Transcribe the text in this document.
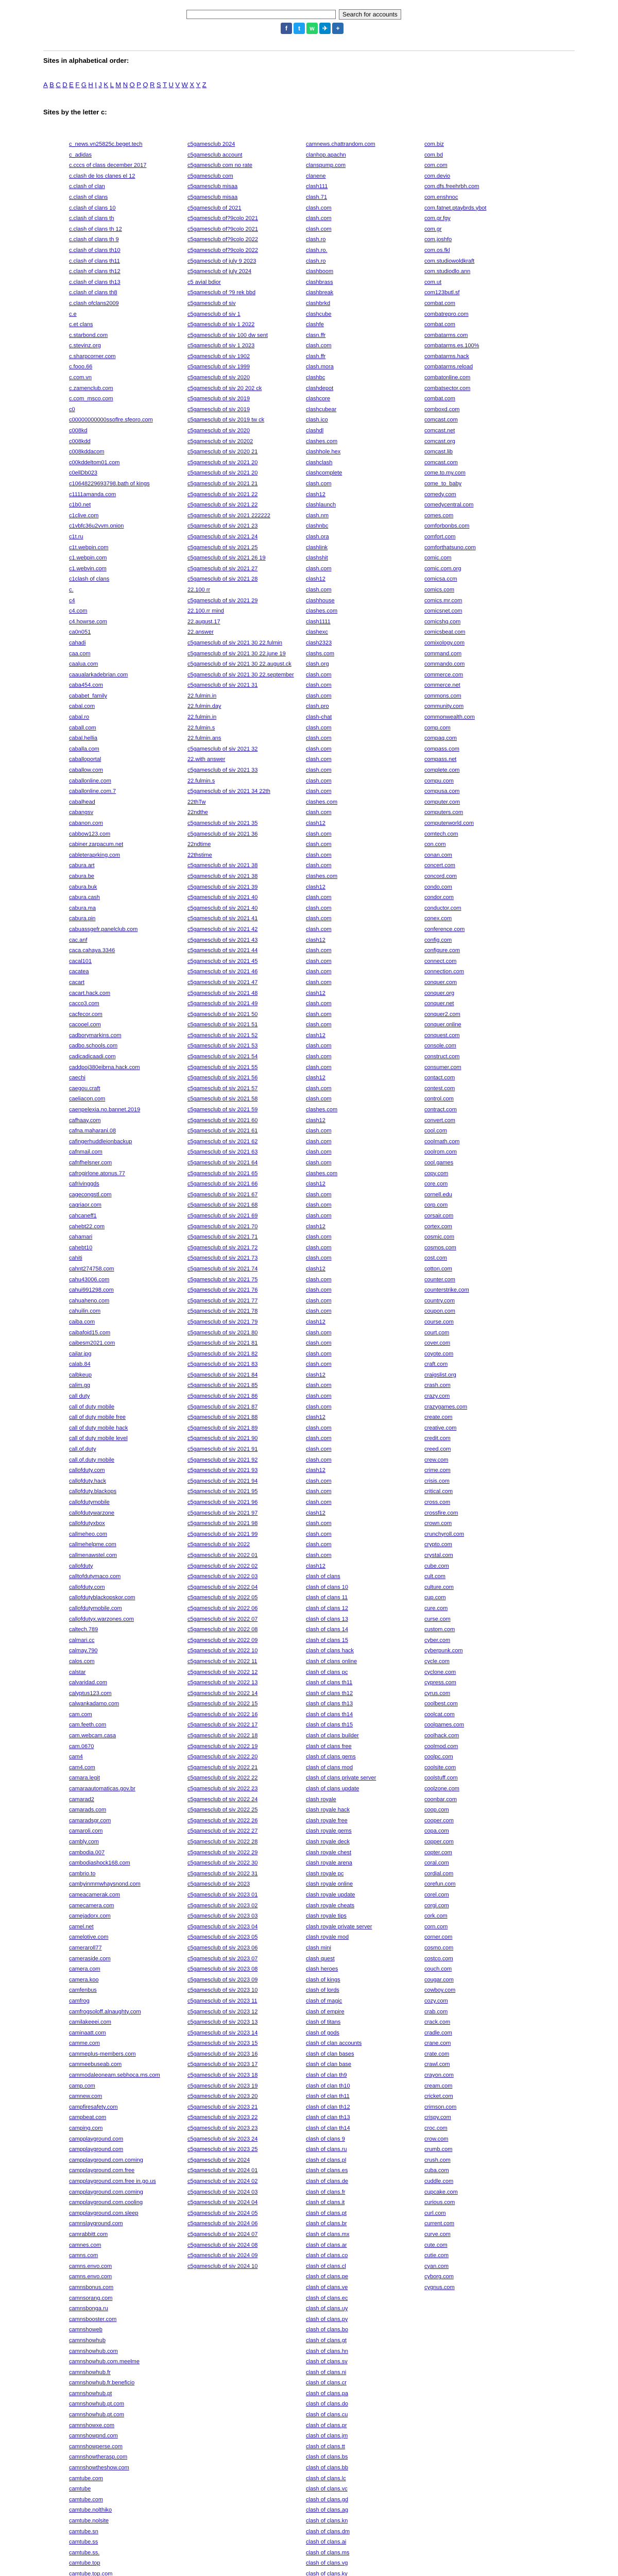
Search for accounts
f	t	w	✈	+
Sites in alphabetical order:
A B C D E F G H I J K L M N O P Q R S T U V W X Y Z
Sites by the letter c:
• c_news.vn25825c.beget.tech
• c_adidas
• c.cccs of class december 2017
• c.clash de los clanes el 12
• c.clash of clan
• c.clash of clans
• c.clash of clans 10
• c.clash of clans th
• c.clash of clans th 12
• c.clash of clans th 9
• c.clash of clans th10
• c.clash of clans th11
• c.clash of clans th12
• c.clash of clans th13
• c.clash of clans th8
• c.clash ofclans2009
• c.e
• c.et clans
• c.starbond.com
• c.stevinz.org
• c.sharpcorner.com
• c.fooo.66
• c.com.vn
• c.zamenclub.com
• c.com_msco.com
• c0
• c00000000000ssoflre.sfeoro.com
• c008kd
• c008kdd
• c008kddacom
• c00kddeltom01.com
• c0ellDb023
• c10648229693798.bath of kings
• c1111amanda.com
• c1b0.net
• c1clive.com
• c1vbfc36u2vvm.onion
• c1t.ru
• c1t.webpin.com
• c1.webpin.com
• c1.webvin.com
• c1clash of clans
• c.
• c4
• c4.com
• c4.howrse.com
• ca0n051
• cahadi
• caa.com
• caalua.com
• caaualarkadebrian.com
• caba454.com
• cababet_family
• cabal.com
• cabal.ro
• caball.com
• cabal.hellia
• caballa.com
• caballoportal
• caballow.com
• caballonline.com
• caballonline.com.7
• cabalhead
• cabangsv
• cabanon.com
• cabbow123.com
• cabiner.zarpacum.net
• cableteraprking.com
• cabura.art
• cabura.be
• cabura.buk
• cabura.cash
• cabura.ma
• cabura.pin
• cabuassgefr.panelclub.com
• cac.anf
• caca.cahaya.3346
• cacal101
• cacatea
• cacart
• cacart.hack.com
• cacco3.com
• cacfecor.com
• cacooel.com
• cadborymarkins.com
• cadbo.schools.com
• cadicadicaadi.com
• caddpoj380eibrna.hack.com
• caechi
• caegou.craft
• caeliacon.com
• caenpelexia.no.bannet.2019
• cafhaay.com
• cafna.maharani.08
• cafingerhuddleionbackup
• cafnmail.com
• cafnfhelsner.com
• cafrogirlone.atonus.77
• cafrivinggds
• cagecongstl.com
• cagriaor.com
• cahcaneff1
• cahebt22.com
• cahamari
• cahebt10
• cahiti
• cahnt274758.com
• cahu43006.com
• cahui991298.com
• cahuaheno.com
• cahuilin.com
• caiba.com
• caibafoid15.com
• caibesm2021.com
• cailar.jpg
• calab.84
• calbkeup
• calim.gg
• call duty
• call of duty mobile
• call of duty mobile free
• call of duty mobile hack
• call of duty mobile level
• call.of.duty
• call.of.duty mobile
• callofduty.com
• callofduty.hack
• callofduty.blackops
• callofdutymobile
• callofdutywarzone
• callofdutyxbox
• callmeheo.com
• callmehelpme.com
• callmenawstel.com
• callofduty
• calltofdutymaco.com
• callofduty.com
• callofdutyblackopskor.com
• callofdutymobile.com
• callofdutyx.warzones.com
• caltech.789
• calmari.cc
• calmay.790
• calos.com
• calstar
• calvaridad.com
• calyptus123.com
• calwankadamo.com
• cam.com
• cam.feeth.com
• cam.webcam.casa
• cam.0670
• cam4
• cam4.com
• camara.legit
• camaraautomaticas.gov.br
• camarad2
• camarads.com
• camaradsgr.com
• camaroli.com
• cambly.com
• cambodia.007
• cambodiashock168.com
• cambrio.to
• cambyinmmwhaysnond.com
• cameacamerak.com
• camecamera.com
• camejadorx.com
• camel.net
• camelotive.com
• cameraroll77
• cameraside.com
• camera.com
• camera.koo
• camfenbus
• camfrog
• camfrogsoloff.alnaughty.com
• camilakeeei.com
• caminaatt.com
• camme.com
• cammeplus-members.com
• cammeebuseab.com
• cammodaleoneam.sebhoca.ms.com
• camp.com
• camnew.com
• campfiresafety.com
• campbeat.com
• camping.com
• campplayground.com
• campplayground.com
• campplayground.com.coming
• campplayground.com.free
• campplayground.com.free in.go.us
• campplayground.com.coming
• campplayground.com.cooling
• campplayground.com.sleep
• camnslayground.com
• camrabbitt.com
• camnes.com
• camns.com
• camns.envo.com
• camns.envo.com
• camnsbonus.com
• camnsorang.com
• camnsbonga.ru
• camnsbooster.com
• camnshoweb
• camnshowhub
• camnshowhub.com
• camnshowhub.com.meelme
• camnshowhub.fr
• camnshowhub.fr.beneficio
• camnshowhub.pt
• camnshowhub.pt.com
• camnshowhub.pt.com
• camnshowxe.com
• camnshowpnd.com
• camnshowperse.com
• camnshowtherasp.com
• camnshowtheshow.com
• camtube.com
• camtube
• camtube.com
• camtube.nolthiko
• camtube.nolsite
• camtube.sn
• camtube.ss
• camtube.ss.
• camtube.top
• camtube.top.com
• c5gamesclub 2024
• c5gamesclub account
• c5gamesclub com no rate
• c5gamesclub com
• c5gamesclub misaa
• c5gamesclub misaa
• c5gamesclub of 2021
• c5gamesclub of?9colo 2021
• c5gamesclub of?9colo 2021
• c5gamesclub of?9colo 2022
• c5gamesclub of?9colo 2022
• c5gamesclub of july 9 2023
• c5gamesclub of july 2024
• c5 avial bdior
• c5gamesclub of ?9 rek bbd
• c5gamesclub of siv
• c5gamesclub of siv 1
• c5gamesclub of siv 1 2022
• c5gamesclub of siv 100 dw sent
• c5gamesclub of siv 1 2023
• c5gamesclub of siv 1902
• c5gamesclub of siv 1999
• c5gamesclub of siv 2020
• c5gamesclub of siv 20 202 ck
• c5gamesclub of siv 2019
• c5gamesclub of siv 2019
• c5gamesclub of siv 2019 tw ck
• c5gamesclub of siv 2020
• c5gamesclub of siv 20202
• c5gamesclub of siv 2020 21
• c5gamesclub of siv 2021 20
• c5gamesclub of siv 2021 20
• c5gamesclub of siv 2021 21
• c5gamesclub of siv 2021 22
• c5gamesclub of siv 2021 22
• c5gamesclub of siv 2021 222222
• c5gamesclub of siv 2021 23
• c5gamesclub of siv 2021 24
• c5gamesclub of siv 2021 25
• c5gamesclub of siv 2021 26 19
• c5gamesclub of siv 2021 27
• c5gamesclub of siv 2021 28
• 22.100 rr
• c5gamesclub of siv 2021 29
• 22.100.rr mind
• 22.august.17
• 22.answer
• c5gamesclub of siv 2021 30 22.fulmin
• c5gamesclub of siv 2021 30 22.june 19
• c5gamesclub of siv 2021 30 22.august.ck
• c5gamesclub of siv 2021 30 22.september
• c5gamesclub of siv 2021 31
• 22.fulmin.in
• 22.fulmin.day
• 22.fulmin.in
• 22.fulmin.s
• 22.fulmin.ans
• c5gamesclub of siv 2021 32
• 22.with answer
• c5gamesclub of siv 2021 33
• 22.fulmin.s
• c5gamesclub of siv 2021 34 22th
• 22thTw
• 22ndthe
• c5gamesclub of siv 2021 35
• c5gamesclub of siv 2021 36
• 22ndtime
• 22thstime
• c5gamesclub of siv 2021 38
• c5gamesclub of siv 2021 38
• c5gamesclub of siv 2021 39
• c5gamesclub of siv 2021 40
• c5gamesclub of siv 2021 40
• c5gamesclub of siv 2021 41
• c5gamesclub of siv 2021 42
• c5gamesclub of siv 2021 43
• c5gamesclub of siv 2021 44
• c5gamesclub of siv 2021 45
• c5gamesclub of siv 2021 46
• c5gamesclub of siv 2021 47
• c5gamesclub of siv 2021 48
• c5gamesclub of siv 2021 49
• c5gamesclub of siv 2021 50
• c5gamesclub of siv 2021 51
• c5gamesclub of siv 2021 52
• c5gamesclub of siv 2021 53
• c5gamesclub of siv 2021 54
• c5gamesclub of siv 2021 55
• c5gamesclub of siv 2021 56
• c5gamesclub of siv 2021 57
• c5gamesclub of siv 2021 58
• c5gamesclub of siv 2021 59
• c5gamesclub of siv 2021 60
• c5gamesclub of siv 2021 61
• c5gamesclub of siv 2021 62
• c5gamesclub of siv 2021 63
• c5gamesclub of siv 2021 64
• c5gamesclub of siv 2021 65
• c5gamesclub of siv 2021 66
• c5gamesclub of siv 2021 67
• c5gamesclub of siv 2021 68
• c5gamesclub of siv 2021 69
• c5gamesclub of siv 2021 70
• c5gamesclub of siv 2021 71
• c5gamesclub of siv 2021 72
• c5gamesclub of siv 2021 73
• c5gamesclub of siv 2021 74
• c5gamesclub of siv 2021 75
• c5gamesclub of siv 2021 76
• c5gamesclub of siv 2021 77
• c5gamesclub of siv 2021 78
• c5gamesclub of siv 2021 79
• c5gamesclub of siv 2021 80
• c5gamesclub of siv 2021 81
• c5gamesclub of siv 2021 82
• c5gamesclub of siv 2021 83
• c5gamesclub of siv 2021 84
• c5gamesclub of siv 2021 85
• c5gamesclub of siv 2021 86
• c5gamesclub of siv 2021 87
• c5gamesclub of siv 2021 88
• c5gamesclub of siv 2021 89
• c5gamesclub of siv 2021 90
• c5gamesclub of siv 2021 91
• c5gamesclub of siv 2021 92
• c5gamesclub of siv 2021 93
• c5gamesclub of siv 2021 94
• c5gamesclub of siv 2021 95
• c5gamesclub of siv 2021 96
• c5gamesclub of siv 2021 97
• c5gamesclub of siv 2021 98
• c5gamesclub of siv 2021 99
• c5gamesclub of siv 2022
• c5gamesclub of siv 2022 01
• c5gamesclub of siv 2022 02
• c5gamesclub of siv 2022 03
• c5gamesclub of siv 2022 04
• c5gamesclub of siv 2022 05
• c5gamesclub of siv 2022 06
• c5gamesclub of siv 2022 07
• c5gamesclub of siv 2022 08
• c5gamesclub of siv 2022 09
• c5gamesclub of siv 2022 10
• c5gamesclub of siv 2022 11
• c5gamesclub of siv 2022 12
• c5gamesclub of siv 2022 13
• c5gamesclub of siv 2022 14
• c5gamesclub of siv 2022 15
• c5gamesclub of siv 2022 16
• c5gamesclub of siv 2022 17
• c5gamesclub of siv 2022 18
• c5gamesclub of siv 2022 19
• c5gamesclub of siv 2022 20
• c5gamesclub of siv 2022 21
• c5gamesclub of siv 2022 22
• c5gamesclub of siv 2022 23
• c5gamesclub of siv 2022 24
• c5gamesclub of siv 2022 25
• c5gamesclub of siv 2022 26
• c5gamesclub of siv 2022 27
• c5gamesclub of siv 2022 28
• c5gamesclub of siv 2022 29
• c5gamesclub of siv 2022 30
• c5gamesclub of siv 2022 31
• c5gamesclub of siv 2023
• c5gamesclub of siv 2023 01
• c5gamesclub of siv 2023 02
• c5gamesclub of siv 2023 03
• c5gamesclub of siv 2023 04
• c5gamesclub of siv 2023 05
• c5gamesclub of siv 2023 06
• c5gamesclub of siv 2023 07
• c5gamesclub of siv 2023 08
• c5gamesclub of siv 2023 09
• c5gamesclub of siv 2023 10
• c5gamesclub of siv 2023 11
• c5gamesclub of siv 2023 12
• c5gamesclub of siv 2023 13
• c5gamesclub of siv 2023 14
• c5gamesclub of siv 2023 15
• c5gamesclub of siv 2023 16
• c5gamesclub of siv 2023 17
• c5gamesclub of siv 2023 18
• c5gamesclub of siv 2023 19
• c5gamesclub of siv 2023 20
• c5gamesclub of siv 2023 21
• c5gamesclub of siv 2023 22
• c5gamesclub of siv 2023 23
• c5gamesclub of siv 2023 24
• c5gamesclub of siv 2023 25
• c5gamesclub of siv 2024
• c5gamesclub of siv 2024 01
• c5gamesclub of siv 2024 02
• c5gamesclub of siv 2024 03
• c5gamesclub of siv 2024 04
• c5gamesclub of siv 2024 05
• c5gamesclub of siv 2024 06
• c5gamesclub of siv 2024 07
• c5gamesclub of siv 2024 08
• c5gamesclub of siv 2024 09
• c5gamesclub of siv 2024 10
• camnews.chattrandom.com
• clanhop.apachn
• clanspump.com
• clanene
• clash111
• clash.71
• clash.com
• clash.com
• clash.com
• clash.ro
• clash.ro.
• clash.ro
• clashboom
• clashbrass
• clashbreak
• clashbrkd
• clashcube
• clashfe
• clasn.ffr
• clash.com
• clash.ffr
• clash.mora
• clashbc
• clashdepot
• clashcore
• clashcubear
• clash.ico
• clashdl
• clashes.com
• clashhole.hex
• clashclash
• clashcomplete
• clash.com
• clash12
• clashlaunch
• clash.nm
• clashnbc
• clash.ora
• clashlink
• clashshit
• clash.com
• clash12
• clash.com
• clashhouse
• clashes.com
• clash1111
• clashexc
• clash2323
• clashs.com
• clash.org
• clash.com
• clash.com
• clash.com
• clash.pro
• clash-chat
• clash.com
• clash.com
• clash.com
• clash.com
• clash.com
• clash.com
• clash.com
• clashes.com
• clash.com
• clash12
• clash.com
• clash.com
• clash.com
• clash.com
• clashes.com
• clash12
• clash.com
• clash.com
• clash.com
• clash.com
• clash12
• clash.com
• clash.com
• clash.com
• clash.com
• clash12
• clash.com
• clash.com
• clash.com
• clash12
• clash.com
• clash.com
• clash.com
• clash12
• clash.com
• clash.com
• clashes.com
• clash12
• clash.com
• clash.com
• clash.com
• clash.com
• clashes.com
• clash12
• clash.com
• clash.com
• clash.com
• clash12
• clash.com
• clash.com
• clash.com
• clash12
• clash.com
• clash.com
• clash.com
• clash.com
• clash12
• clash.com
• clash.com
• clash.com
• clash.com
• clash12
• clash.com
• clash.com
• clash.com
• clash12
• clash.com
• clash.com
• clash.com
• clash.com
• clash12
• clash.com
• clash.com
• clash.com
• clash12
• clash.com
• clash.com
• clash.com
• clash.com
• clash12
• clash of clans
• clash of clans 10
• clash of clans 11
• clash of clans 12
• clash of clans 13
• clash of clans 14
• clash of clans 15
• clash of clans hack
• clash of clans online
• clash of clans pc
• clash of clans th11
• clash of clans th12
• clash of clans th13
• clash of clans th14
• clash of clans th15
• clash of clans builder
• clash of clans free
• clash of clans gems
• clash of clans mod
• clash of clans private server
• clash of clans update
• clash royale
• clash royale hack
• clash royale free
• clash royale gems
• clash royale deck
• clash royale chest
• clash royale arena
• clash royale pc
• clash royale online
• clash royale update
• clash royale cheats
• clash royale tips
• clash royale private server
• clash royale mod
• clash mini
• clash quest
• clash heroes
• clash of kings
• clash of lords
• clash of magic
• clash of empire
• clash of titans
• clash of gods
• clash of clan accounts
• clash of clan bases
• clash of clan base
• clash of clan th9
• clash of clan th10
• clash of clan th11
• clash of clan th12
• clash of clan th13
• clash of clan th14
• clash of clans 9
• clash of clans.ru
• clash of clans.pl
• clash of clans.es
• clash of clans.de
• clash of clans.fr
• clash of clans.it
• clash of clans.pt
• clash of clans.br
• clash of clans.mx
• clash of clans.ar
• clash of clans.co
• clash of clans.cl
• clash of clans.pe
• clash of clans.ve
• clash of clans.ec
• clash of clans.uy
• clash of clans.py
• clash of clans.bo
• clash of clans.gt
• clash of clans.hn
• clash of clans.sv
• clash of clans.ni
• clash of clans.cr
• clash of clans.pa
• clash of clans.do
• clash of clans.cu
• clash of clans.pr
• clash of clans.jm
• clash of clans.tt
• clash of clans.bs
• clash of clans.bb
• clash of clans.lc
• clash of clans.vc
• clash of clans.gd
• clash of clans.ag
• clash of clans.kn
• clash of clans.dm
• clash of clans.ai
• clash of clans.ms
• clash of clans.vg
• clash of clans.ky
• com.biz
• com.bd
• com.com
• com.devio
• com.dfs.freehrbh.com
• com.enshnoc
• com.fatnet.ptaybrds.ybot
• com.gr.fgy
• com.gr
• com.joshfo
• com.os.fkl
• com.studiowoldkraft
• com.studiodlo.ann
• com.ut
• com123butl.sf
• combat.com
• combatrepro.com
• combat.com
• combatarms.com
• combatarms.es.100%
• combatarms.hack
• combatarms.reload
• combatonline.com
• combatsector.com
• combat.com
• comboxd.com
• comcast.com
• comcast.net
• comcast.org
• comcast.lib
• comcast.com
• come.to.my.com
• come_to_baby
• comedy.com
• comedycentral.com
• comes.com
• comforbonbs.com
• comfort.com
• comforthatsuno.com
• comic.com
• comic.com.org
• comicsa.ccm
• comics.com
• comics.mr.com
• comicsnet.com
• comicshq.com
• comicsbeat.com
• comixology.com
• command.com
• commando.com
• commerce.com
• commerce.net
• commons.com
• community.com
• commonwealth.com
• comp.com
• compaq.com
• compass.com
• compass.net
• complete.com
• compu.com
• compusa.com
• computer.com
• computers.com
• computerworld.com
• comtech.com
• con.com
• conan.com
• concert.com
• concord.com
• condo.com
• condor.com
• conductor.com
• conex.com
• conference.com
• config.com
• configure.com
• connect.com
• connection.com
• conquer.com
• conquer.org
• conquer.net
• conquer2.com
• conquer.online
• conquest.com
• console.com
• construct.com
• consumer.com
• contact.com
• contest.com
• control.com
• contract.com
• convert.com
• cool.com
• coolmath.com
• coolrom.com
• cool.games
• copy.com
• core.com
• cornell.edu
• corp.com
• corsair.com
• cortex.com
• cosmic.com
• cosmos.com
• cost.com
• cotton.com
• counter.com
• counterstrike.com
• country.com
• coupon.com
• course.com
• court.com
• cover.com
• coyote.com
• craft.com
• craigslist.org
• crash.com
• crazy.com
• crazygames.com
• create.com
• creative.com
• credit.com
• creed.com
• crew.com
• crime.com
• crisis.com
• critical.com
• cross.com
• crossfire.com
• crown.com
• crunchyroll.com
• crypto.com
• crystal.com
• cube.com
• cult.com
• culture.com
• cup.com
• cure.com
• curse.com
• custom.com
• cyber.com
• cyberpunk.com
• cycle.com
• cyclone.com
• cypress.com
• cyrus.com
• coolbest.com
• coolcat.com
• coolgames.com
• coolhack.com
• coolmod.com
• coolpc.com
• coolsite.com
• coolstuff.com
• coolzone.com
• coonbar.com
• coop.com
• cooper.com
• copa.com
• copper.com
• copter.com
• coral.com
• cordial.com
• corefun.com
• corel.com
• corgi.com
• cork.com
• corn.com
• corner.com
• cosmo.com
• costco.com
• couch.com
• cougar.com
• cowboy.com
• cozy.com
• crab.com
• crack.com
• cradle.com
• crane.com
• crate.com
• crawl.com
• crayon.com
• cream.com
• cricket.com
• crimson.com
• crispy.com
• croc.com
• crow.com
• crumb.com
• crush.com
• cuba.com
• cuddle.com
• cupcake.com
• curious.com
• curl.com
• current.com
• curve.com
• cute.com
• cutie.com
• cyan.com
• cyborg.com
• cygnus.com
